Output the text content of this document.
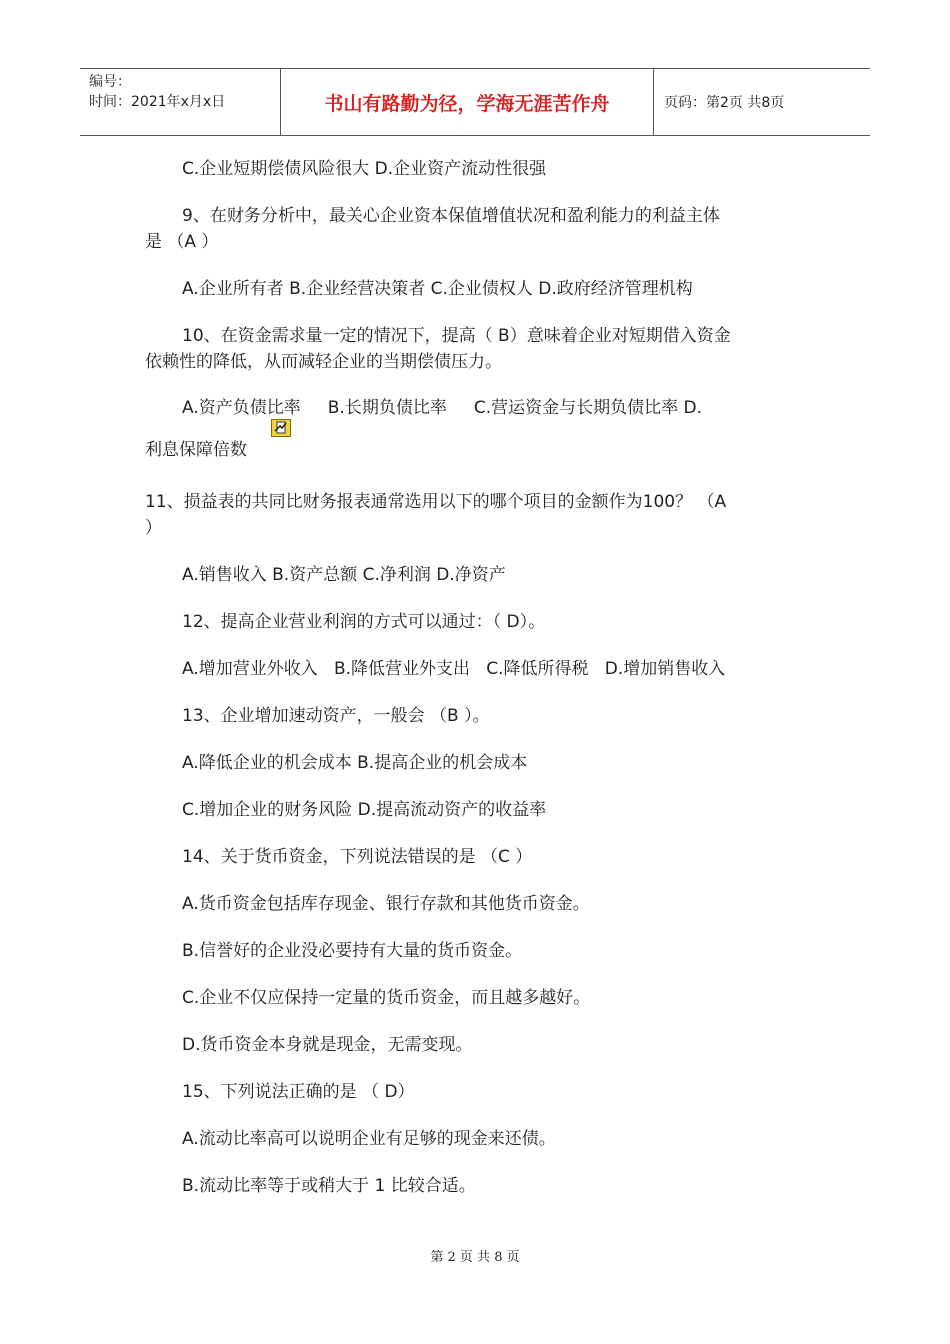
编号：
时间：2021年x月x日	书山有路勤为径，学海无涯苦作舟	页码：第2页 共8页

C.企业短期偿债风险很大 D.企业资产流动性很强

9、在财务分析中，最关心企业资本保值增值状况和盈利能力的利益主体

是 （A ）

A.企业所有者 B.企业经营决策者 C.企业债权人 D.政府经济管理机构

10、在资金需求量一定的情况下，提高（ B）意味着企业对短期借入资金

依赖性的降低，从而减轻企业的当期偿债压力。

A.资产负债比率     B.长期负债比率     C.营运资金与长期负债比率 D.

利息保障倍数

11、损益表的共同比财务报表通常选用以下的哪个项目的金额作为100？ （A

）

A.销售收入 B.资产总额 C.净利润 D.净资产

12、提高企业营业利润的方式可以通过：（ D）。

A.增加营业外收入   B.降低营业外支出   C.降低所得税   D.增加销售收入

13、企业增加速动资产，一般会 （B ）。

A.降低企业的机会成本 B.提高企业的机会成本

C.增加企业的财务风险 D.提高流动资产的收益率

14、关于货币资金，下列说法错误的是 （C ）

A.货币资金包括库存现金、银行存款和其他货币资金。

B.信誉好的企业没必要持有大量的货币资金。

C.企业不仅应保持一定量的货币资金，而且越多越好。

D.货币资金本身就是现金，无需变现。

15、下列说法正确的是 （ D）

A.流动比率高可以说明企业有足够的现金来还债。

B.流动比率等于或稍大于 1 比较合适。

第 2 页 共 8 页
